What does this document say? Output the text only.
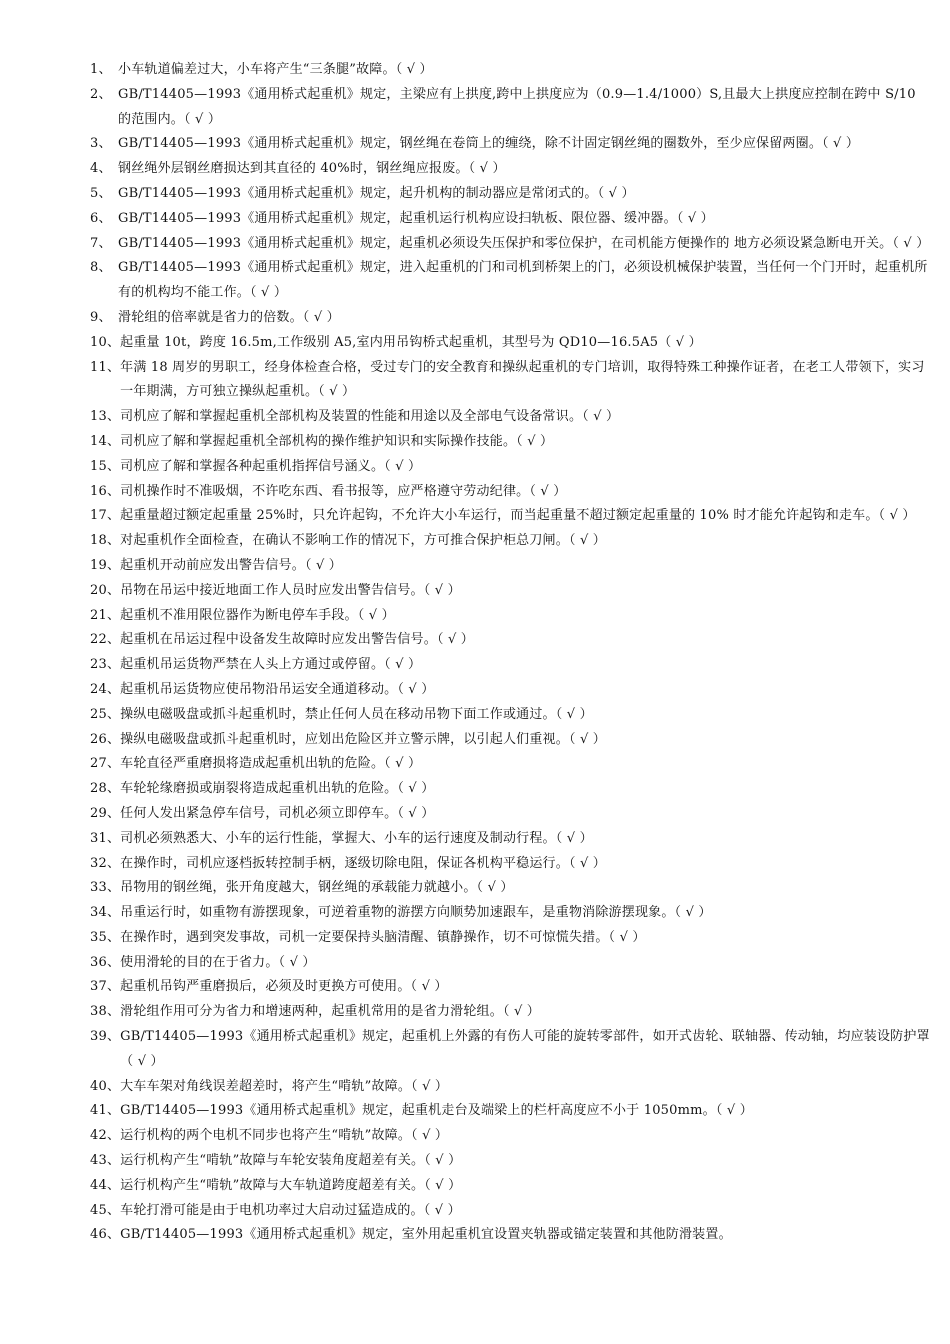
1、 小车轨道偏差过大，小车将产生“三条腿”故障。（ √ ）
2、 GB/T14405—1993《通用桥式起重机》规定，主梁应有上拱度,跨中上拱度应为（0.9—1.4/1000）S,且最大上拱度应控制在跨中 S/10 的范围内。（ √ ）
3、 GB/T14405—1993《通用桥式起重机》规定，钢丝绳在卷筒上的缠绕，除不计固定钢丝绳的圈数外，至少应保留两圈。（ √ ）
4、 钢丝绳外层钢丝磨损达到其直径的 40%时，钢丝绳应报废。（ √ ）
5、 GB/T14405—1993《通用桥式起重机》规定，起升机构的制动器应是常闭式的。（ √ ）
6、 GB/T14405—1993《通用桥式起重机》规定，起重机运行机构应设扫轨板、限位器、缓冲器。（ √ ）
7、 GB/T14405—1993《通用桥式起重机》规定，起重机必须设失压保护和零位保护，在司机能方便操作的 地方必须设紧急断电开关。（ √ ）
8、 GB/T14405—1993《通用桥式起重机》规定，进入起重机的门和司机到桥架上的门，必须设机械保护装置，当任何一个门开时，起重机所有的机构均不能工作。（ √ ）
9、 滑轮组的倍率就是省力的倍数。（ √ ）
10、 起重量 10t，跨度 16.5m,工作级别 A5,室内用吊钩桥式起重机，其型号为 QD10—16.5A5（ √ ）
11、 年满 18 周岁的男职工，经身体检查合格，受过专门的安全教育和操纵起重机的专门培训，取得特殊工种操作证者，在老工人带领下，实习一年期满，方可独立操纵起重机。（ √ ）
13、 司机应了解和掌握起重机全部机构及装置的性能和用途以及全部电气设备常识。（ √ ）
14、 司机应了解和掌握起重机全部机构的操作维护知识和实际操作技能。（ √ ）
15、 司机应了解和掌握各种起重机指挥信号涵义。（ √ ）
16、 司机操作时不准吸烟，不许吃东西、看书报等，应严格遵守劳动纪律。（ √ ）
17、 起重量超过额定起重量 25%时，只允许起钩，不允许大小车运行，而当起重量不超过额定起重量的 10% 时才能允许起钩和走车。（ √ ）
18、 对起重机作全面检查，在确认不影响工作的情况下，方可推合保护柜总刀闸。（ √ ）
19、 起重机开动前应发出警告信号。（ √ ）
20、 吊物在吊运中接近地面工作人员时应发出警告信号。（ √ ）
21、 起重机不准用限位器作为断电停车手段。（ √ ）
22、 起重机在吊运过程中设备发生故障时应发出警告信号。（ √ ）
23、 起重机吊运货物严禁在人头上方通过或停留。（ √ ）
24、 起重机吊运货物应使吊物沿吊运安全通道移动。（ √ ）
25、 操纵电磁吸盘或抓斗起重机时，禁止任何人员在移动吊物下面工作或通过。（ √ ）
26、 操纵电磁吸盘或抓斗起重机时，应划出危险区并立警示牌，以引起人们重视。（ √ ）
27、 车轮直径严重磨损将造成起重机出轨的危险。（ √ ）
28、 车轮轮缘磨损或崩裂将造成起重机出轨的危险。（ √ ）
29、 任何人发出紧急停车信号，司机必须立即停车。（ √ ）
31、 司机必须熟悉大、小车的运行性能，掌握大、小车的运行速度及制动行程。（ √ ）
32、 在操作时，司机应逐档扳转控制手柄，逐级切除电阻，保证各机构平稳运行。（ √ ）
33、 吊物用的钢丝绳，张开角度越大，钢丝绳的承载能力就越小。（ √ ）
34、 吊重运行时，如重物有游摆现象，可逆着重物的游摆方向顺势加速跟车，是重物消除游摆现象。（ √ ）
35、 在操作时，遇到突发事故，司机一定要保持头脑清醒、镇静操作，切不可惊慌失措。（ √ ）
36、 使用滑轮的目的在于省力。（ √ ）
37、 起重机吊钩严重磨损后，必须及时更换方可使用。（ √ ）
38、 滑轮组作用可分为省力和增速两种，起重机常用的是省力滑轮组。（ √ ）
39、 GB/T14405—1993《通用桥式起重机》规定，起重机上外露的有伤人可能的旋转零部件，如开式齿轮、联轴器、传动轴，均应装设防护罩（ √ ）
40、 大车车架对角线误差超差时，将产生“啃轨”故障。（ √ ）
41、 GB/T14405—1993《通用桥式起重机》规定，起重机走台及端梁上的栏杆高度应不小于 1050mm。（ √ ）
42、 运行机构的两个电机不同步也将产生“啃轨”故障。（ √ ）
43、 运行机构产生“啃轨”故障与车轮安装角度超差有关。（ √ ）
44、 运行机构产生“啃轨”故障与大车轨道跨度超差有关。（ √ ）
45、 车轮打滑可能是由于电机功率过大启动过猛造成的。（ √ ）
46、 GB/T14405—1993《通用桥式起重机》规定，室外用起重机宜设置夹轨器或锚定装置和其他防滑装置。
